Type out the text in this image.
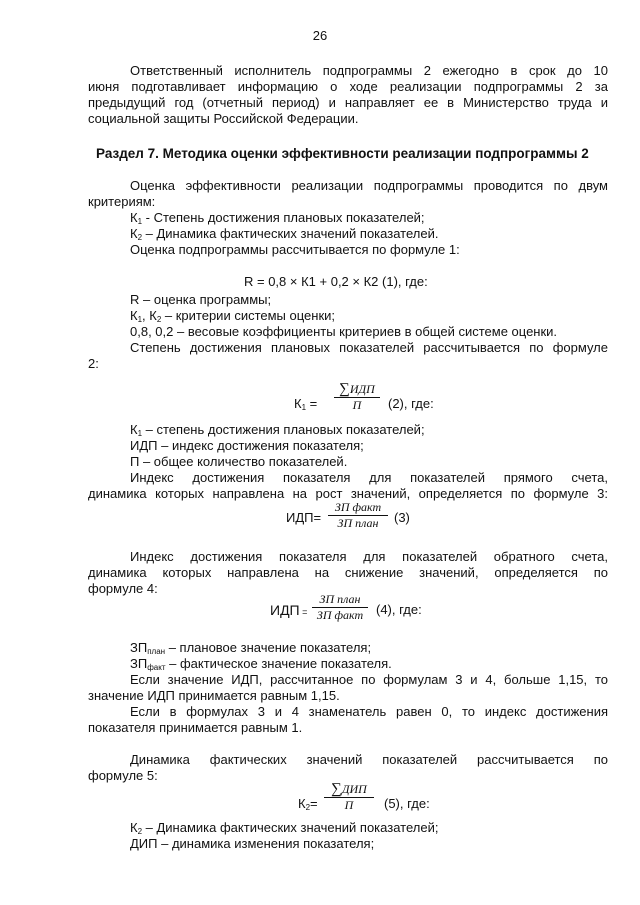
26
Ответственный исполнитель подпрограммы 2 ежегодно в срок до 10
июня подготавливает информацию о ходе реализации подпрограммы 2 за
предыдущий год (отчетный период) и направляет ее в Министерство труда и
социальной защиты Российской Федерации.
Раздел 7. Методика оценки эффективности реализации подпрограммы 2
Оценка эффективности реализации подпрограммы проводится по двум
критериям:
$К_1$ - Степень достижения плановых показателей;
$К_2$ – Динамика фактических значений показателей.
Оценка подпрограммы рассчитывается по формуле 1:
R = 0,8 × К1 + 0,2 × К2 (1), где:
R – оценка программы;
$К_1$, $К_2$ – критерии системы оценки;
0,8, 0,2 – весовые коэффициенты критериев в общей системе оценки.
Степень достижения плановых показателей рассчитывается по формуле
2:
$К_1$ =
∑ИДП
П	(2), где:
$К_1$ – степень достижения плановых показателей;
ИДП – индекс достижения показателя;
П – общее количество показателей.
Индекс достижения показателя для показателей прямого счета,
динамика которых направлена на рост значений, определяется по формуле 3:
ИДП=
ЗП факт
ЗП план	(3)
Индекс достижения показателя для показателей обратного счета,
динамика которых направлена на снижение значений, определяется по
формуле 4:
ИДП =
ЗП план
ЗП факт (4), где:
$ЗП_{план}$ – плановое значение показателя;
$ЗП_{факт}$ – фактическое значение показателя.
Если значение ИДП, рассчитанное по формулам 3 и 4, больше 1,15, то
значение ИДП принимается равным 1,15.
Если в формулах 3 и 4 знаменатель равен 0, то индекс достижения
показателя принимается равным 1.
Динамика фактических значений показателей рассчитывается по
формуле 5:
$К_2=$
∑ДИП
П	(5), где:
$К_2$ – Динамика фактических значений показателей;
ДИП – динамика изменения показателя;
